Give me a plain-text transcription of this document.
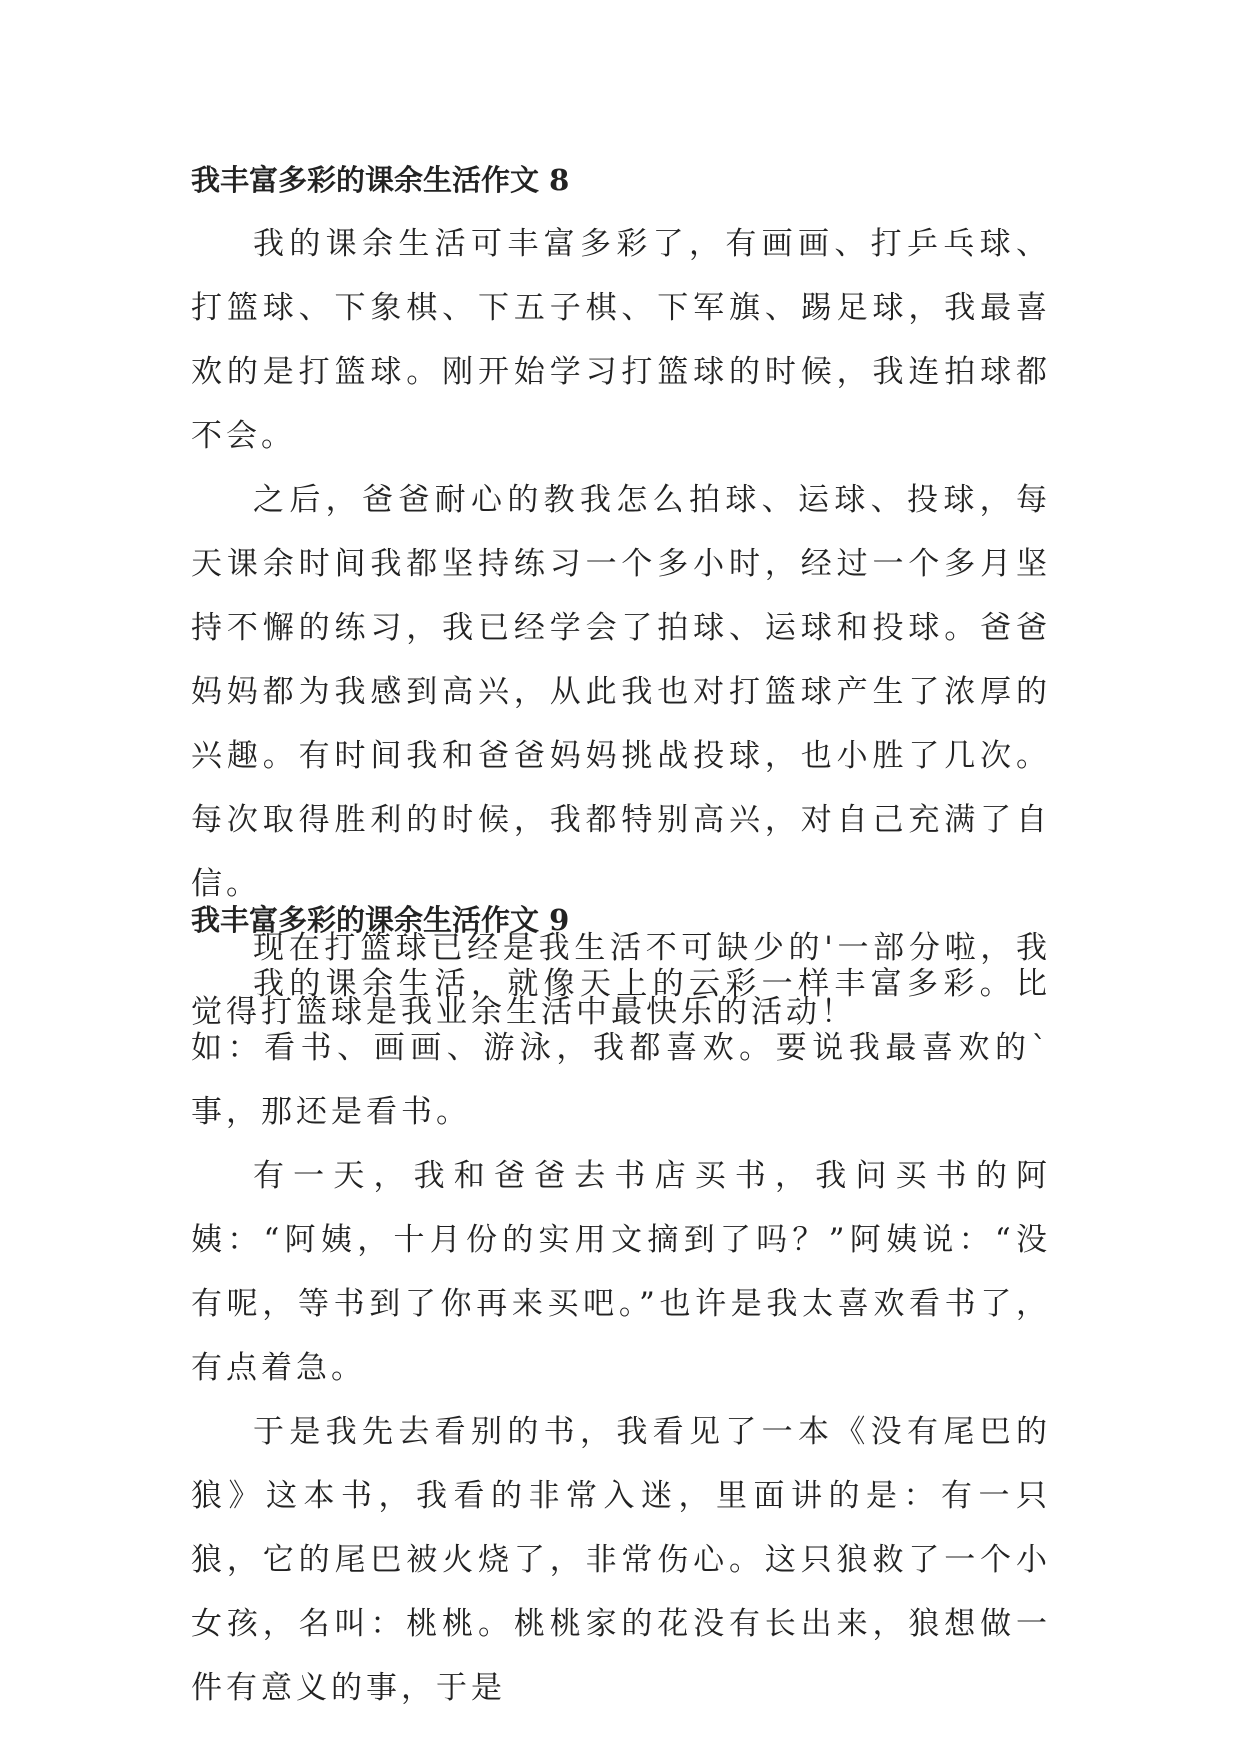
我丰富多彩的课余生活作文 8

我的课余生活可丰富多彩了，有画画、打乒乓球、打篮球、下象棋、下五子棋、下军旗、踢足球，我最喜欢的是打篮球。刚开始学习打篮球的时候，我连拍球都不会。

之后，爸爸耐心的教我怎么拍球、运球、投球，每天课余时间我都坚持练习一个多小时，经过一个多月坚持不懈的练习，我已经学会了拍球、运球和投球。爸爸妈妈都为我感到高兴，从此我也对打篮球产生了浓厚的兴趣。有时间我和爸爸妈妈挑战投球，也小胜了几次。每次取得胜利的时候，我都特别高兴，对自己充满了自信。

现在打篮球已经是我生活不可缺少的'一部分啦，我觉得打篮球是我业余生活中最快乐的活动！

我丰富多彩的课余生活作文 9

我的课余生活，就像天上的云彩一样丰富多彩。比如：看书、画画、游泳，我都喜欢。要说我最喜欢的`事，那还是看书。

有一天，我和爸爸去书店买书，我问买书的阿姨：“阿姨，十月份的实用文摘到了吗？”阿姨说：“没有呢，等书到了你再来买吧。”也许是我太喜欢看书了，有点着急。

于是我先去看别的书，我看见了一本《没有尾巴的狼》这本书，我看的非常入迷，里面讲的是：有一只狼，它的尾巴被火烧了，非常伤心。这只狼救了一个小女孩，名叫：桃桃。桃桃家的花没有长出来，狼想做一件有意义的事，于是
